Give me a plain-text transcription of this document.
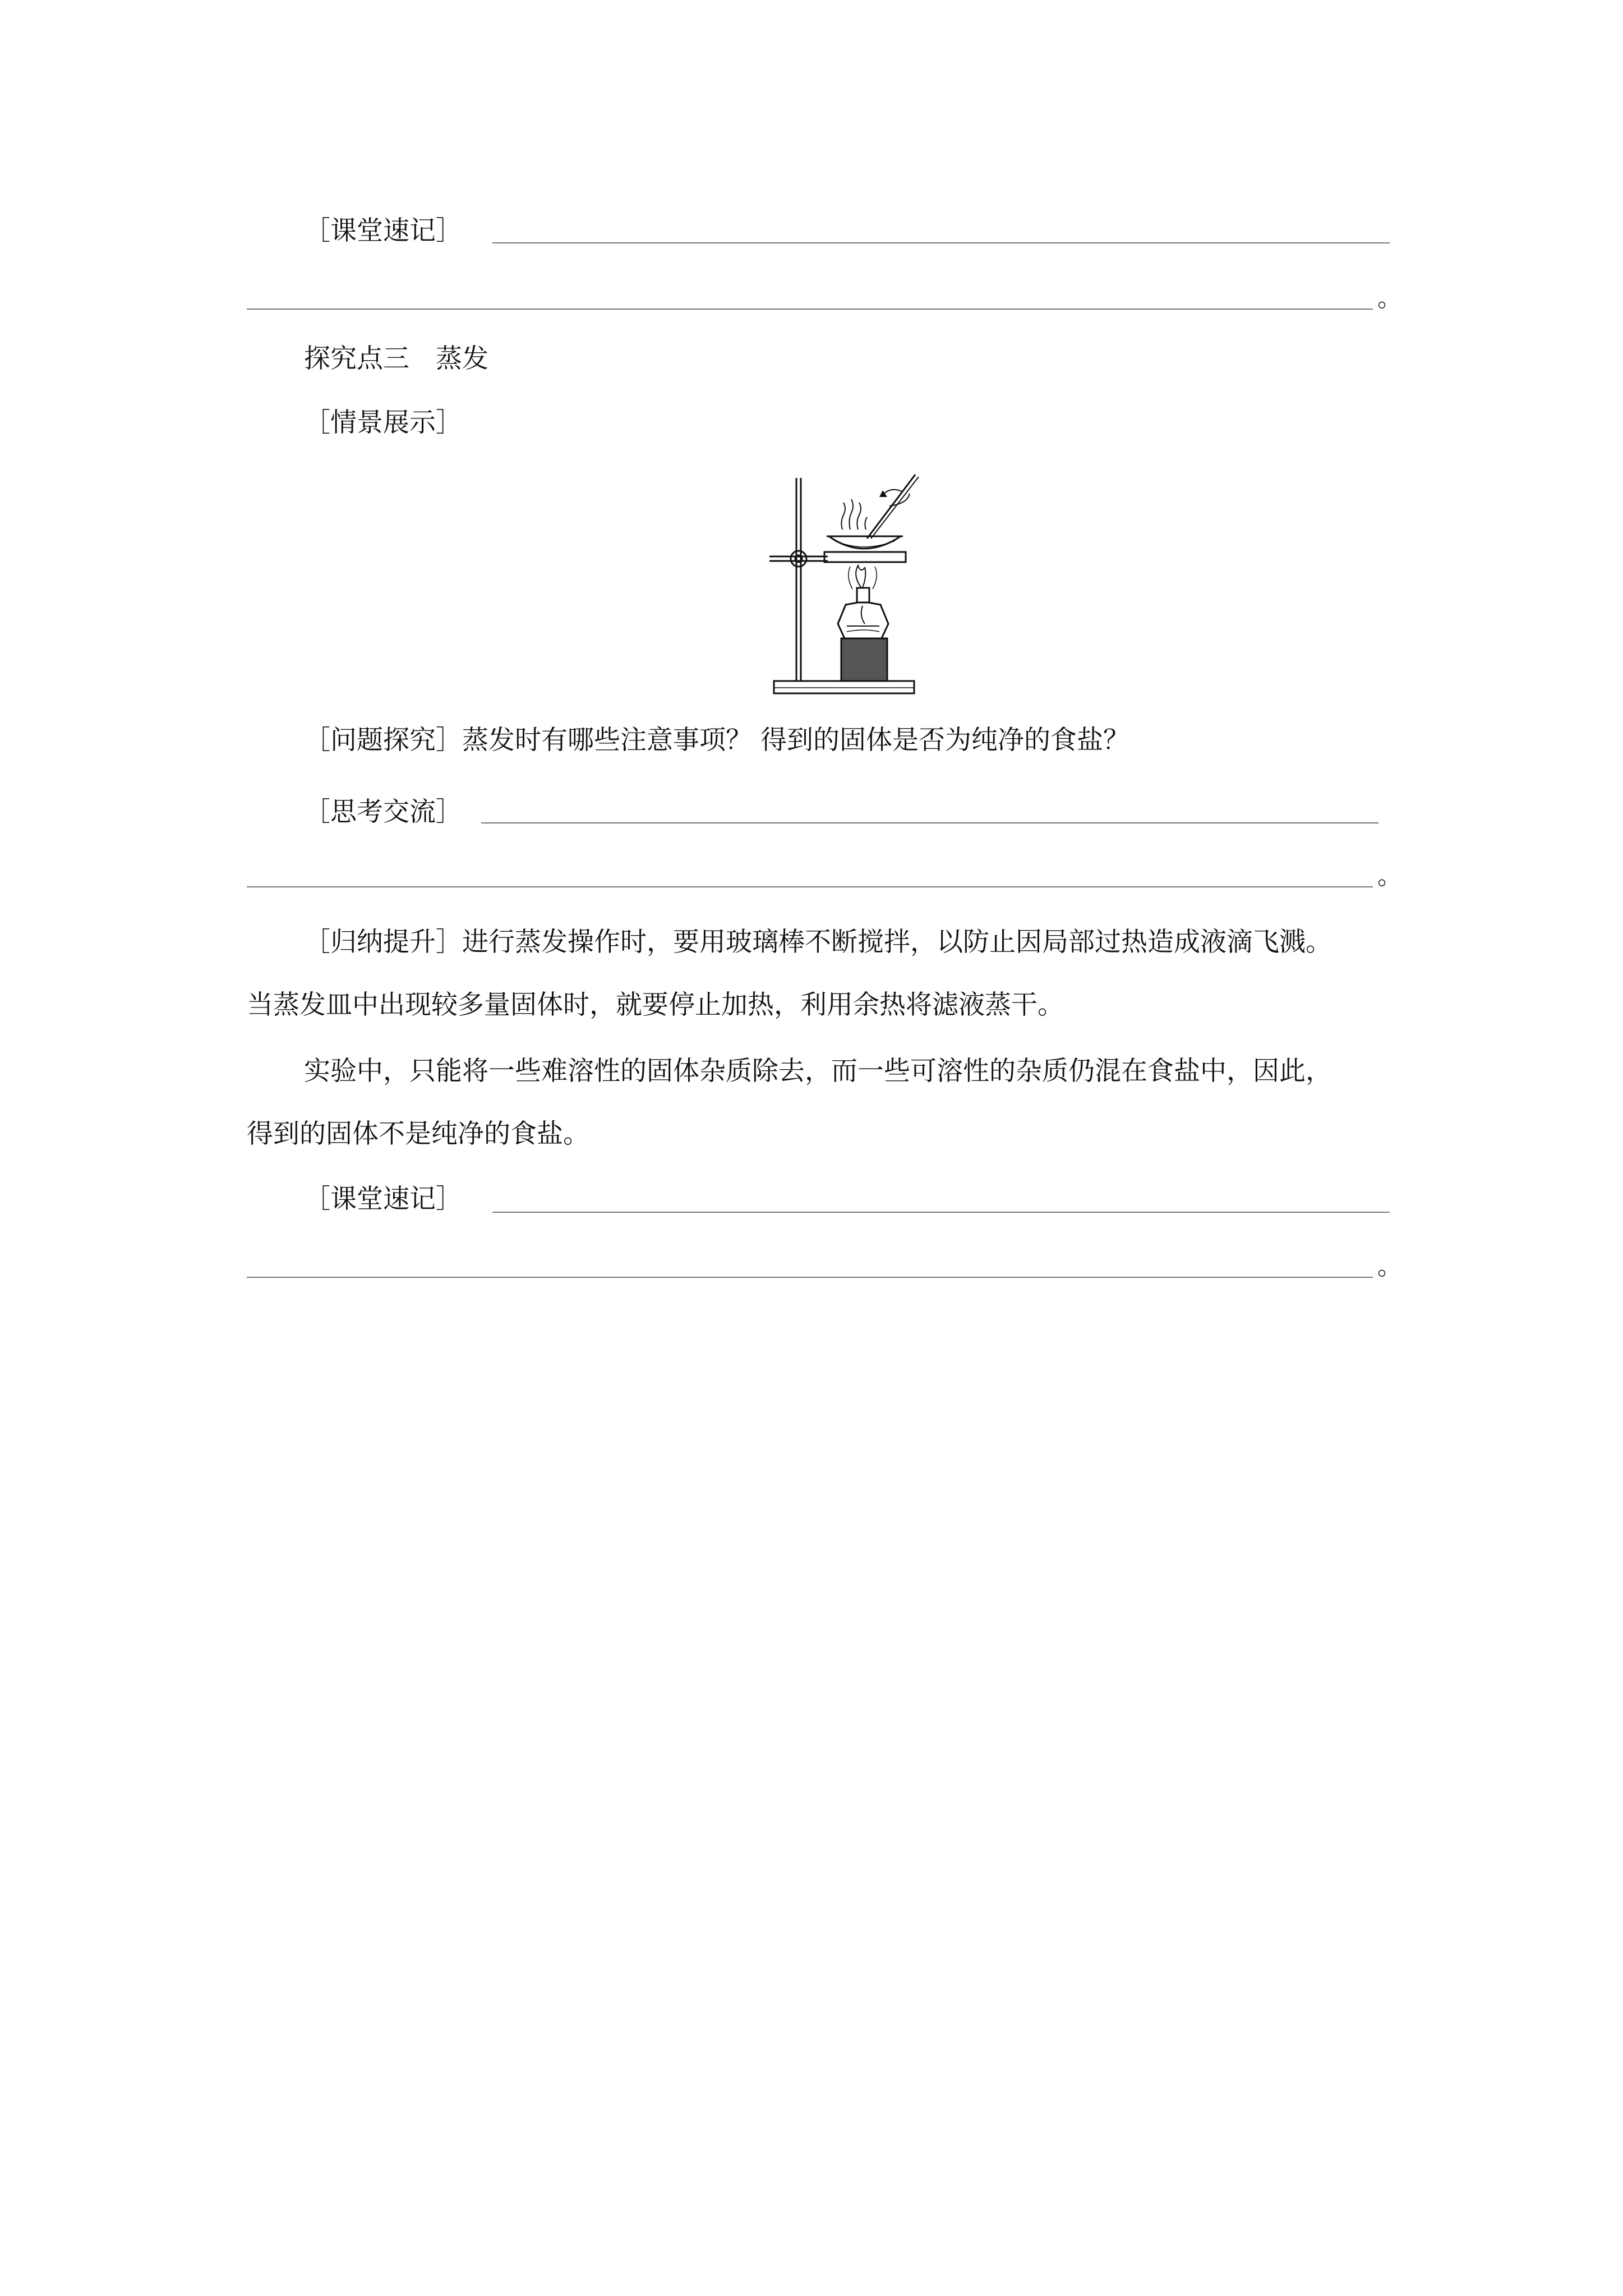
［课堂速记］
。
探究点三　蒸发
［情景展示］
［问题探究］蒸发时有哪些注意事项？ 得到的固体是否为纯净的食盐？
［思考交流］
。
［归纳提升］进行蒸发操作时，要用玻璃棒不断搅拌，以防止因局部过热造成液滴飞溅。
当蒸发皿中出现较多量固体时，就要停止加热，利用余热将滤液蒸干。
实验中，只能将一些难溶性的固体杂质除去，而一些可溶性的杂质仍混在食盐中，因此，
得到的固体不是纯净的食盐。
［课堂速记］
。
